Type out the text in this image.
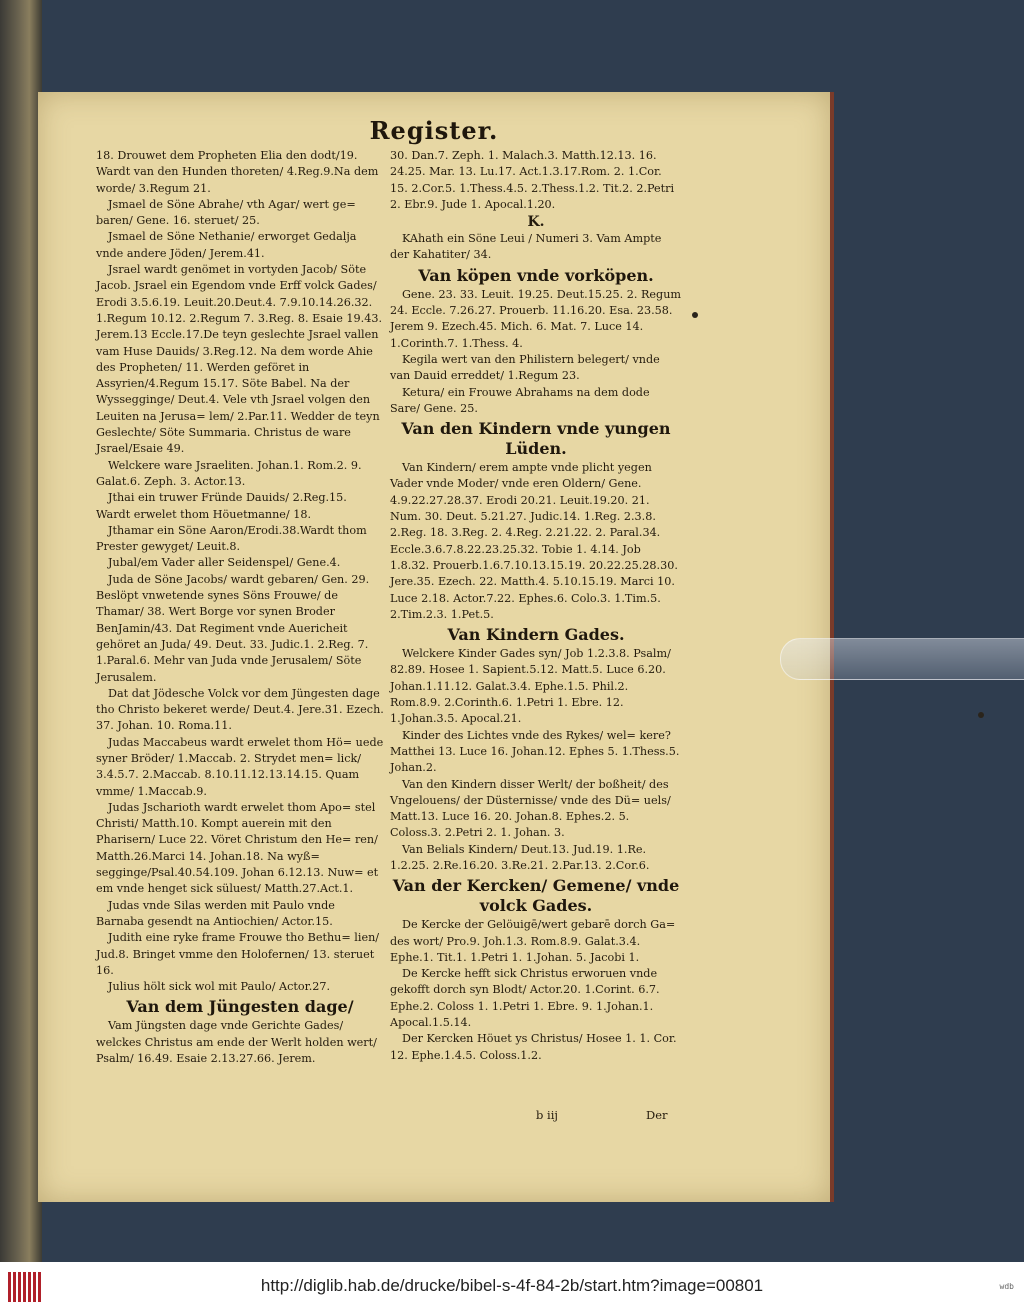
Register.

18. Drouwet dem Propheten Elia den dodt/19. Wardt van den Hunden thoreten/ 4.Reg.9.Na dem worde/ 3.Regum 21.

Jsmael de Söne Abrahe/ vth Agar/ wert ge= baren/ Gene. 16. steruet/ 25.

Jsmael de Söne Nethanie/ erworget Gedalja vnde andere Jöden/ Jerem.41.

Jsrael wardt genömet in vortyden Jacob/ Söte Jacob. Jsrael ein Egendom vnde Erff volck Gades/ Erodi 3.5.6.19. Leuit.20.Deut.4. 7.9.10.14.26.32. 1.Regum 10.12. 2.Regum 7. 3.Reg. 8. Esaie 19.43. Jerem.13 Eccle.17.De teyn geslechte Jsrael vallen vam Huse Dauids/ 3.Reg.12. Na dem worde Ahie des Propheten/ 11. Werden geföret in Assyrien/4.Regum 15.17. Söte Babel. Na der Wyssegginge/ Deut.4. Vele vth Jsrael volgen den Leuiten na Jerusa= lem/ 2.Par.11. Wedder de teyn Geslechte/ Söte Summaria. Christus de ware Jsrael/Esaie 49.

Welckere ware Jsraeliten. Johan.1. Rom.2. 9. Galat.6. Zeph. 3. Actor.13.

Jthai ein truwer Fründe Dauids/ 2.Reg.15. Wardt erwelet thom Höuetmanne/ 18.

Jthamar ein Söne Aaron/Erodi.38.Wardt thom Prester gewyget/ Leuit.8.

Jubal/em Vader aller Seidenspel/ Gene.4.

Juda de Söne Jacobs/ wardt gebaren/ Gen. 29. Beslöpt vnwetende synes Söns Frouwe/ de Thamar/ 38. Wert Borge vor synen Broder BenJamin/43. Dat Regiment vnde Auericheit gehöret an Juda/ 49. Deut. 33. Judic.1. 2.Reg. 7. 1.Paral.6. Mehr van Juda vnde Jerusalem/ Söte Jerusalem.

Dat dat Jödesche Volck vor dem Jüngesten dage tho Christo bekeret werde/ Deut.4. Jere.31. Ezech. 37. Johan. 10. Roma.11.

Judas Maccabeus wardt erwelet thom Hö= uede syner Bröder/ 1.Maccab. 2. Strydet men= lick/ 3.4.5.7. 2.Maccab. 8.10.11.12.13.14.15. Quam vmme/ 1.Maccab.9.

Judas Jscharioth wardt erwelet thom Apo= stel Christi/ Matth.10. Kompt auerein mit den Pharisern/ Luce 22. Vöret Christum den He= ren/ Matth.26.Marci 14. Johan.18. Na wyß= segginge/Psal.40.54.109. Johan 6.12.13. Nuw= et em vnde henget sick süluest/ Matth.27.Act.1.

Judas vnde Silas werden mit Paulo vnde Barnaba gesendt na Antiochien/ Actor.15.

Judith eine ryke frame Frouwe tho Bethu= lien/ Jud.8. Bringet vmme den Holofernen/ 13. steruet 16.

Julius hölt sick wol mit Paulo/ Actor.27.

Van dem Jüngesten dage/

Vam Jüngsten dage vnde Gerichte Gades/ welckes Christus am ende der Werlt holden wert/ Psalm/ 16.49. Esaie 2.13.27.66. Jerem.

30. Dan.7. Zeph. 1. Malach.3. Matth.12.13. 16. 24.25. Mar. 13. Lu.17. Act.1.3.17.Rom. 2. 1.Cor. 15. 2.Cor.5. 1.Thess.4.5. 2.Thess.1.2. Tit.2. 2.Petri 2. Ebr.9. Jude 1. Apocal.1.20.

K.

KAhath ein Söne Leui / Numeri 3. Vam Ampte der Kahatiter/ 34.

Van köpen vnde vorköpen.

Gene. 23. 33. Leuit. 19.25. Deut.15.25. 2. Regum 24. Eccle. 7.26.27. Prouerb. 11.16.20. Esa. 23.58. Jerem 9. Ezech.45. Mich. 6. Mat. 7. Luce 14. 1.Corinth.7. 1.Thess. 4.

Kegila wert van den Philistern belegert/ vnde van Dauid erreddet/ 1.Regum 23.

Ketura/ ein Frouwe Abrahams na dem dode Sare/ Gene. 25.

Van den Kindern vnde yungen Lüden.

Van Kindern/ erem ampte vnde plicht yegen Vader vnde Moder/ vnde eren Oldern/ Gene. 4.9.22.27.28.37. Erodi 20.21. Leuit.19.20. 21. Num. 30. Deut. 5.21.27. Judic.14. 1.Reg. 2.3.8. 2.Reg. 18. 3.Reg. 2. 4.Reg. 2.21.22. 2. Paral.34. Eccle.3.6.7.8.22.23.25.32. Tobie 1. 4.14. Job 1.8.32. Prouerb.1.6.7.10.13.15.19. 20.22.25.28.30. Jere.35. Ezech. 22. Matth.4. 5.10.15.19. Marci 10. Luce 2.18. Actor.7.22. Ephes.6. Colo.3. 1.Tim.5. 2.Tim.2.3. 1.Pet.5.

Van Kindern Gades.

Welckere Kinder Gades syn/ Job 1.2.3.8. Psalm/ 82.89. Hosee 1. Sapient.5.12. Matt.5. Luce 6.20. Johan.1.11.12. Galat.3.4. Ephe.1.5. Phil.2. Rom.8.9. 2.Corinth.6. 1.Petri 1. Ebre. 12. 1.Johan.3.5. Apocal.21.

Kinder des Lichtes vnde des Rykes/ wel= kere? Matthei 13. Luce 16. Johan.12. Ephes 5. 1.Thess.5. Johan.2.

Van den Kindern disser Werlt/ der boßheit/ des Vngelouens/ der Düsternisse/ vnde des Dü= uels/ Matt.13. Luce 16. 20. Johan.8. Ephes.2. 5. Coloss.3. 2.Petri 2. 1. Johan. 3.

Van Belials Kindern/ Deut.13. Jud.19. 1.Re. 1.2.25. 2.Re.16.20. 3.Re.21. 2.Par.13. 2.Cor.6.

Van der Kercken/ Gemene/ vnde volck Gades.

De Kercke der Gelöuigē/wert gebarē dorch Ga= des wort/ Pro.9. Joh.1.3. Rom.8.9. Galat.3.4. Ephe.1. Tit.1. 1.Petri 1. 1.Johan. 5. Jacobi 1.

De Kercke hefft sick Christus erworuen vnde gekofft dorch syn Blodt/ Actor.20. 1.Corint. 6.7. Ephe.2. Coloss 1. 1.Petri 1. Ebre. 9. 1.Johan.1. Apocal.1.5.14.

Der Kercken Höuet ys Christus/ Hosee 1. 1. Cor. 12. Ephe.1.4.5. Coloss.1.2.

b iij	Der
http://diglib.hab.de/drucke/bibel-s-4f-84-2b/start.htm?image=00801	wdb
